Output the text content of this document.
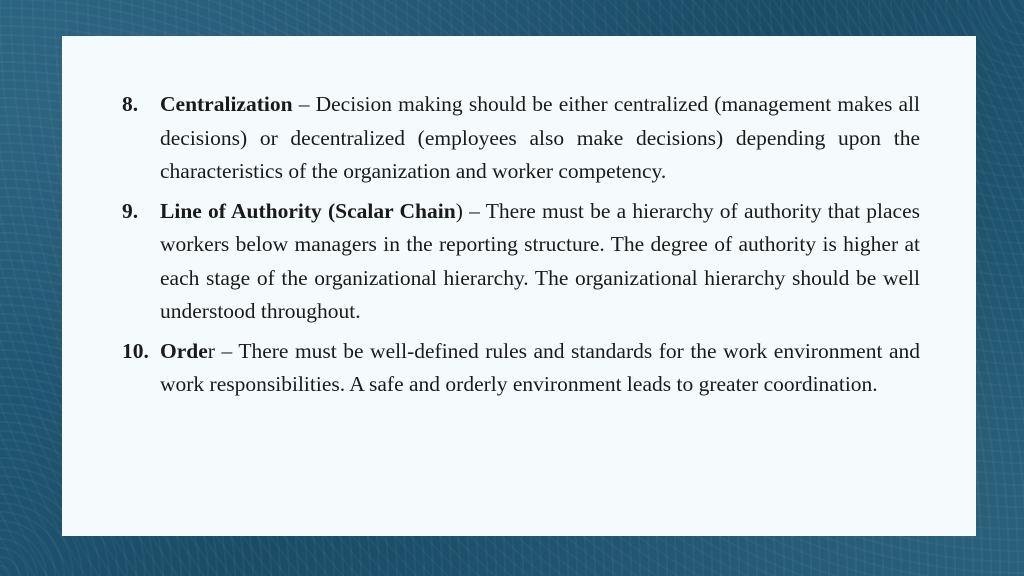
8.	Centralization – Decision making should be either centralized (management makes all decisions) or decentralized (employees also make decisions) depending upon the characteristics of the organization and worker competency.
9.	Line of Authority (Scalar Chain) – There must be a hierarchy of authority that places workers below managers in the reporting structure. The degree of authority is higher at each stage of the organizational hierarchy. The organizational hierarchy should be well understood throughout.
10. Order – There must be well-defined rules and standards for the work environment and work responsibilities. A safe and orderly environment leads to greater coordination.
